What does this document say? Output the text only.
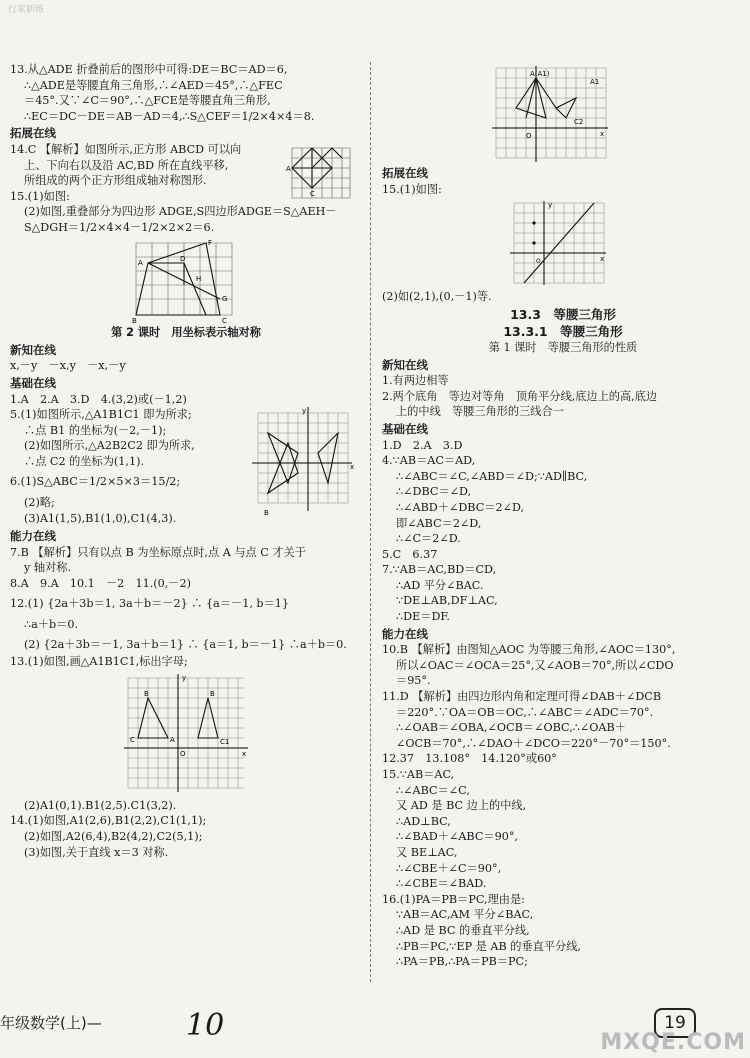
行家新练
13.从△ADE 折叠前后的图形中可得:DE＝BC＝AD＝6,
∴△ADE是等腰直角三角形,∴∠AED＝45°,∴△FEC
＝45°.又∵∠C＝90°,∴△FCE是等腰直角三角形,
∴EC＝DC－DE＝AB－AD＝4,∴S△CEF＝1/2×4×4＝8.
拓展在线
14.C 【解析】如图所示,正方形 ABCD 可以向
上、下向右以及沿 AC,BD 所在直线平移,
所组成的两个正方形组成轴对称图形.
15.(1)如图:
A
C
(2)如图,重叠部分为四边形 ADGE,S四边形ADGE＝S△AEH－
S△DGH＝1/2×4×4－1/2×2×2＝6.
A	D
F
H
G
B	C
第 2 课时　用坐标表示轴对称
新知在线
x,－y　－x,y　－x,－y
基础在线
1.A　2.A　3.D　4.(3,2)或(－1,2)
5.(1)如图所示,△A1B1C1 即为所求;
∴点 B1 的坐标为(－2,－1);
(2)如图所示,△A2B2C2 即为所求,
∴点 C2 的坐标为(1,1).
6.(1)S△ABC＝1/2×5×3＝15/2;
(2)略;
(3)A1(1,5),B1(1,0),C1(4,3).
x
y
B
能力在线
7.B 【解析】只有以点 B 为坐标原点时,点 A 与点 C 才关于
y 轴对称.
8.A　9.A　10.1　－2　11.(0,－2)
12.(1) {2a＋3b＝1, 3a＋b＝－2} ∴ {a＝－1, b＝1}
∴a＋b＝0.
(2) {2a＋3b＝－1, 3a＋b＝1} ∴ {a＝1, b＝－1} ∴a＋b＝0.
13.(1)如图,画△A1B1C1,标出字母;
y
x
B	B
C	A
O
C1
(2)A1(0,1).B1(2,5).C1(3,2).
14.(1)如图,A1(2,6),B1(2,2),C1(1,1);
(2)如图,A2(6,4),B2(4,2),C2(5,1);
(3)如图,关于直线 x＝3 对称.
A(A1)
A1
O
C2
x
拓展在线
15.(1)如图:
O	x
y
(2)如(2,1),(0,－1)等.
13.3　等腰三角形
13.3.1　等腰三角形
第 1 课时　等腰三角形的性质
新知在线
1.有两边相等
2.两个底角　等边对等角　顶角平分线,底边上的高,底边
上的中线　等腰三角形的三线合一
基础在线
1.D　2.A　3.D
4.∵AB＝AC＝AD,
∴∠ABC＝∠C,∠ABD＝∠D;∵AD∥BC,
∴∠DBC＝∠D,
∴∠ABD＋∠DBC＝2∠D,
即∠ABC＝2∠D,
∴∠C＝2∠D.
5.C　6.37
7.∵AB＝AC,BD＝CD,
∴AD 平分∠BAC.
∵DE⊥AB,DF⊥AC,
∴DE＝DF.
能力在线
10.B 【解析】由图知△AOC 为等腰三角形,∠AOC＝130°,
所以∠OAC＝∠OCA＝25°,又∠AOB＝70°,所以∠CDO
＝95°.
11.D 【解析】由四边形内角和定理可得∠DAB＋∠DCB
＝220°.∵OA＝OB＝OC,∴∠ABC＝∠ADC＝70°.
∴∠OAB＝∠OBA,∠OCB＝∠OBC,∴∠OAB＋
∠OCB＝70°,∴∠DAO＋∠DCO＝220°－70°＝150°.
12.37　13.108°　14.120°或60°
15.∵AB＝AC,
∴∠ABC＝∠C,
又 AD 是 BC 边上的中线,
∴AD⊥BC,
∴∠BAD＋∠ABC＝90°,
又 BE⊥AC,
∴∠CBE＋∠C＝90°,
∴∠CBE＝∠BAD.
16.(1)PA＝PB＝PC,理由是:
∵AB＝AC,AM 平分∠BAC,
∴AD 是 BC 的垂直平分线,
∴PB＝PC,∵EP 是 AB 的垂直平分线,
∴PA＝PB,∴PA＝PB＝PC;
年级数学(上)—	10	19
MXQE.COM
